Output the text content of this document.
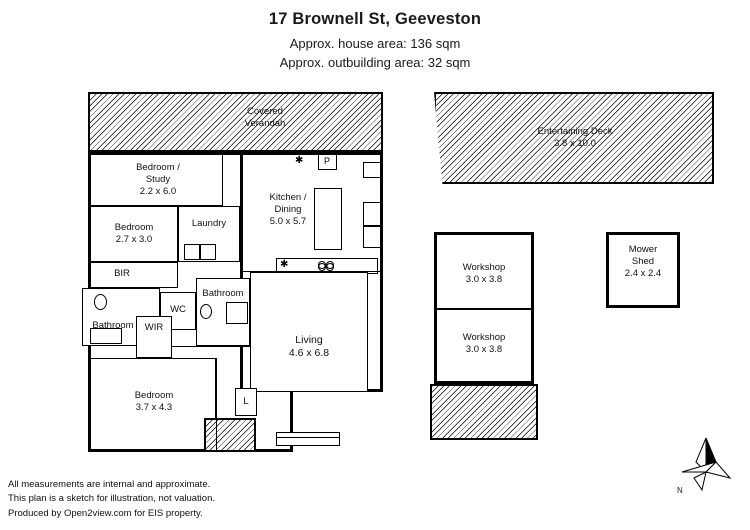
17 Brownell St, Geeveston
Approx. house area: 136 sqm
Approx. outbuilding area: 32 sqm
Covered
Verandah
Bedroom /
Study
2.2 x 6.0
Bedroom
2.7 x 3.0
Laundry
Kitchen /
Dining
5.0 x 5.7
P
✱
✱
BIR
Bathroom
WC
Bathroom	WIR
Living
4.6 x 6.8
Bedroom
3.7 x 4.3
L
Entertaining Deck
3.8 x 10.0
Workshop
3.0 x 3.8
Workshop
3.0 x 3.8
Mower
Shed
2.4 x 2.4
N
All measurements are internal and approximate.
This plan is a sketch for illustration, not valuation.
Produced by Open2view.com for EIS property.
